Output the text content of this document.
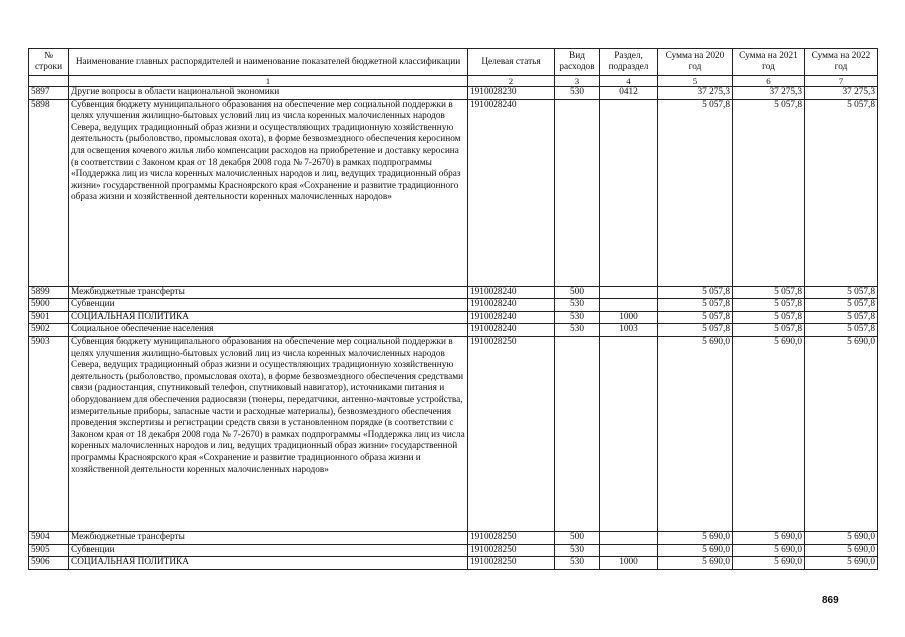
№ строки	Наименование главных распорядителей и наименование показателей бюджетной классификации	Целевая статья	Вид расходов	Раздел, подраздел	Сумма на 2020 год	Сумма на 2021 год	Сумма на 2022 год
	1	2	3	4	5	6	7
5897	Другие вопросы в области национальной экономики	1910028230	530	0412	37 275,3	37 275,3	37 275,3
5898	Субвенция бюджету муниципального образования на обеспечение мер социальной поддержки в целях улучшения жилищно-бытовых условий лиц из числа коренных малочисленных народов Севера, ведущих традиционный образ жизни и осуществляющих традиционную хозяйственную деятельность (рыболовство, промысловая охота), в форме безвозмездного обеспечения керосином для освещения кочевого жилья либо компенсации расходов на приобретение и доставку керосина (в соответствии с Законом края от 18 декабря 2008 года № 7-2670) в рамках подпрограммы «Поддержка лиц из числа коренных малочисленных народов и лиц, ведущих традиционный образ жизни» государственной программы Красноярского края «Сохранение и развитие традиционного образа жизни и хозяйственной деятельности коренных малочисленных народов»	1910028240			5 057,8	5 057,8	5 057,8
5899	Межбюджетные трансферты	1910028240	500		5 057,8	5 057,8	5 057,8
5900	Субвенции	1910028240	530		5 057,8	5 057,8	5 057,8
5901	СОЦИАЛЬНАЯ ПОЛИТИКА	1910028240	530	1000	5 057,8	5 057,8	5 057,8
5902	Социальное обеспечение населения	1910028240	530	1003	5 057,8	5 057,8	5 057,8
5903	Субвенция бюджету муниципального образования на обеспечение мер социальной поддержки в целях улучшения жилищно-бытовых условий лиц из числа коренных малочисленных народов Севера, ведущих традиционный образ жизни и осуществляющих традиционную хозяйственную деятельность (рыболовство, промысловая охота), в форме безвозмездного обеспечения средствами связи (радиостанция, спутниковый телефон, спутниковый навигатор), источниками питания и оборудованием для обеспечения радиосвязи (тюнеры, передатчики, антенно-мачтовые устройства, измерительные приборы, запасные части и расходные материалы), безвозмездного обеспечения проведения экспертизы и регистрации средств связи в установленном порядке (в соответствии с Законом края от 18 декабря 2008 года № 7-2670) в рамках подпрограммы «Поддержка лиц из числа коренных малочисленных народов и лиц, ведущих традиционный образ жизни» государственной программы Красноярского края «Сохранение и развитие традиционного образа жизни и хозяйственной деятельности коренных малочисленных народов»	1910028250			5 690,0	5 690,0	5 690,0
5904	Межбюджетные трансферты	1910028250	500		5 690,0	5 690,0	5 690,0
5905	Субвенции	1910028250	530		5 690,0	5 690,0	5 690,0
5906	СОЦИАЛЬНАЯ ПОЛИТИКА	1910028250	530	1000	5 690,0	5 690,0	5 690,0
869
